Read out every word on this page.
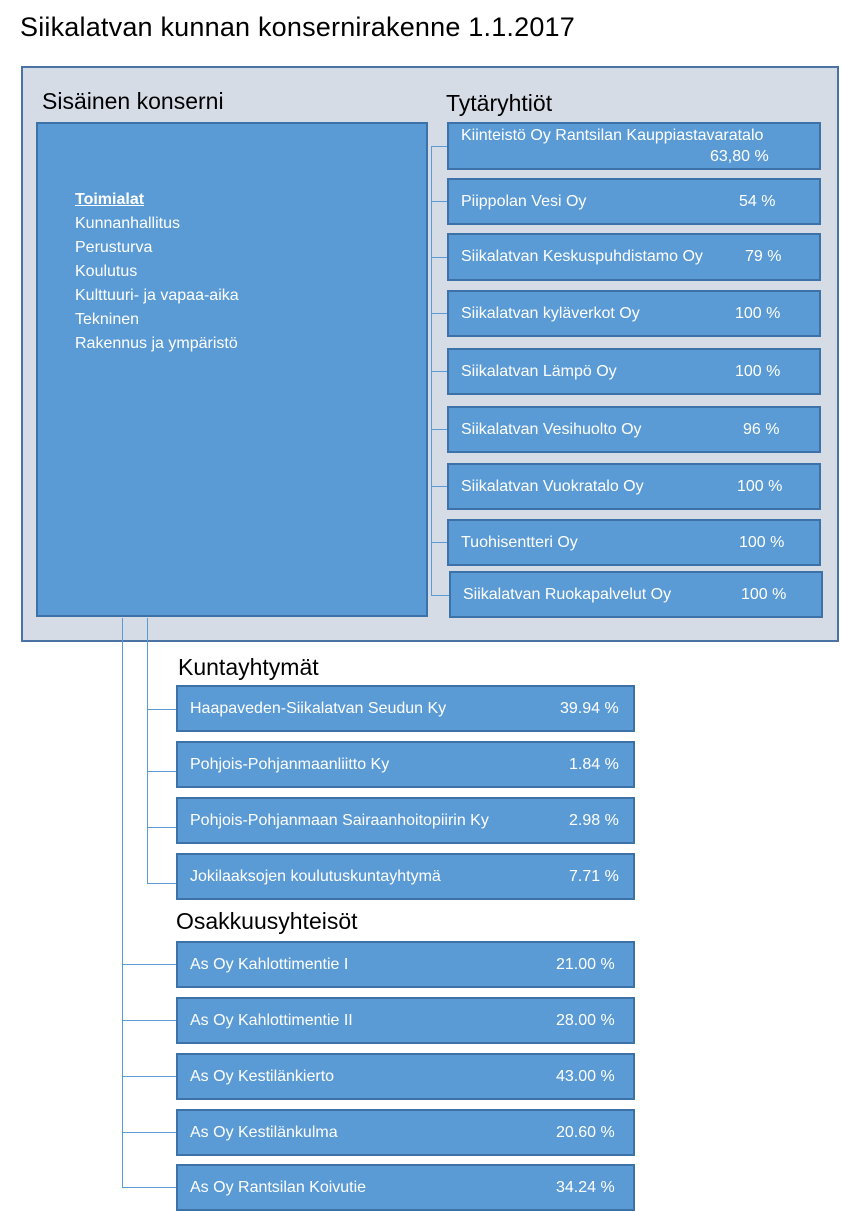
Siikalatvan kunnan konsernirakenne 1.1.2017
Sisäinen konserni	Tytäryhtiöt
Toimialat
Kunnanhallitus
Perusturva
Koulutus
Kulttuuri- ja vapaa-aika
Tekninen
Rakennus ja ympäristö
Kiinteistö Oy Rantsilan Kauppiastavaratalo
63,80 %
Piippolan Vesi Oy	54 %
Siikalatvan Keskuspuhdistamo Oy	79 %
Siikalatvan kyläverkot Oy	100 %
Siikalatvan Lämpö Oy	100 %
Siikalatvan Vesihuolto Oy	96 %
Siikalatvan Vuokratalo Oy	100 %
Tuohisentteri Oy	100 %
Siikalatvan Ruokapalvelut Oy	100 %
Kuntayhtymät
Haapaveden-Siikalatvan Seudun Ky	39.94 %
Pohjois-Pohjanmaanliitto Ky	1.84 %
Pohjois-Pohjanmaan Sairaanhoitopiirin Ky	2.98 %
Jokilaaksojen koulutuskuntayhtymä	7.71 %
Osakkuusyhteisöt
As Oy Kahlottimentie I	21.00 %
As Oy Kahlottimentie II	28.00 %
As Oy Kestilänkierto	43.00 %
As Oy Kestilänkulma	20.60 %
As Oy Rantsilan Koivutie	34.24 %
